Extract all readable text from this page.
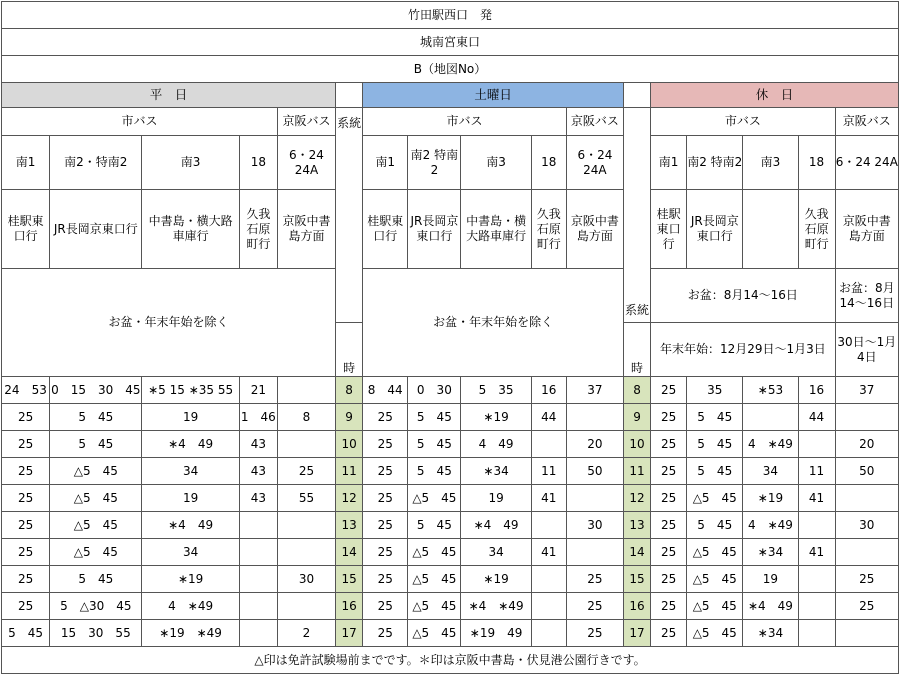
竹田駅西口　発																
城南宮東口																
B（地図No）																
平　日						土曜日						休　日				
市バス				京阪バス	系統	市バス				京阪バス	系統	市バス				京阪バス
南1	南2・特南2	南3	18	6・24 24A		南1	南2 特南2	南3	18	6・24 24A		南1	南2 特南2	南3	18	6・24 24A
桂駅東口行	JR長岡京東口行	中書島・横大路車庫行	久我石原町行	京阪中書島方面		桂駅東口行	JR長岡京東口行	中書島・横大路車庫行	久我石原町行	京阪中書島方面		桂駅東口行	JR長岡京東口行		久我石原町行	京阪中書島方面
お盆・年末年始を除く						お盆・年末年始を除く						お盆：8月14～16日				お盆：8月14～16日
					時						時	年末年始：12月29日～1月3日				30日～1月4日
24　53	0　15　30　45	∗5 15 ∗35 55	21		8	8　44	0　30	5　35	16	37	8	25	35	∗53	16	37
25	5　45	19	1　46	8	9	25	5　45	∗19	44		9	25	5　45		44	
25	5　45	∗4　49	43		10	25	5　45	4　49		20	10	25	5　45	4　∗49		20
25	△5　45	34	43	25	11	25	5　45	∗34	11	50	11	25	5　45	34	11	50
25	△5　45	19	43	55	12	25	△5　45	19	41		12	25	△5　45	∗19	41	
25	△5　45	∗4　49			13	25	5　45	∗4　49		30	13	25	5　45	4　∗49		30
25	△5　45	34			14	25	△5　45	34	41		14	25	△5　45	∗34	41	
25	5　45	∗19		30	15	25	△5　45	∗19		25	15	25	△5　45	19		25
25	5　△30　45	4　∗49			16	25	△5　45	∗4　∗49		25	16	25	△5　45	∗4　49		25
5　45	15　30　55	∗19　∗49		2	17	25	△5　45	∗19　49		25	17	25	△5　45	∗34		
△印は免許試験場前までです。＊印は京阪中書島・伏見港公園行きです。																
